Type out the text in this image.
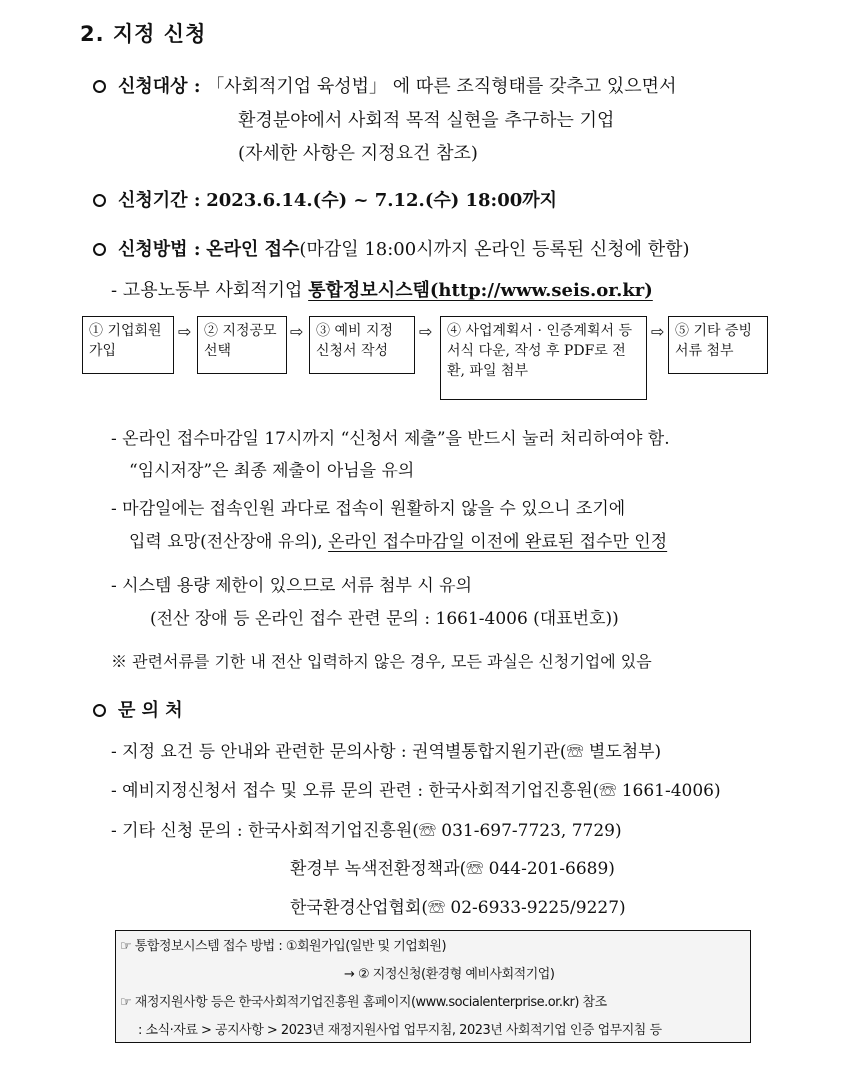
2. 지정 신청
신청대상 : 「사회적기업 육성법」 에 따른 조직형태를 갖추고 있으면서
환경분야에서 사회적 목적 실현을 추구하는 기업
(자세한 사항은 지정요건 참조)
신청기간 : 2023.6.14.(수) ~ 7.12.(수) 18:00까지
신청방법 : 온라인 접수(마감일 18:00시까지 온라인 등록된 신청에 한함)
- 고용노동부 사회적기업 통합정보시스템(http://www.seis.or.kr)
① 기업회원 가입
⇨ ② 지정공모 선택
⇨ ③ 예비 지정 신청서 작성
⇨	④ 사업계획서 · 인증계획서 등 서식 다운, 작성 후 PDF로 전환, 파일 첨부
⇨ ⑤ 기타 증빙 서류 첨부
- 온라인 접수마감일 17시까지 “신청서 제출”을 반드시 눌러 처리하여야 함.
“임시저장”은 최종 제출이 아님을 유의
- 마감일에는 접속인원 과다로 접속이 원활하지 않을 수 있으니 조기에
입력 요망(전산장애 유의), 온라인 접수마감일 이전에 완료된 접수만 인정
- 시스템 용량 제한이 있으므로 서류 첨부 시 유의
(전산 장애 등 온라인 접수 관련 문의 : 1661-4006 (대표번호))
※ 관련서류를 기한 내 전산 입력하지 않은 경우, 모든 과실은 신청기업에 있음
문 의 처
- 지정 요건 등 안내와 관련한 문의사항 : 권역별통합지원기관(☏ 별도첨부)
- 예비지정신청서 접수 및 오류 문의 관련 : 한국사회적기업진흥원(☏ 1661-4006)
- 기타 신청 문의 : 한국사회적기업진흥원(☏ 031-697-7723, 7729)
환경부 녹색전환정책과(☏ 044-201-6689)
한국환경산업협회(☏ 02-6933-9225/9227)
☞ 통합정보시스템 접수 방법 : ①회원가입(일반 및 기업회원)
→ ② 지정신청(환경형 예비사회적기업)
☞ 재정지원사항 등은 한국사회적기업진흥원 홈페이지(www.socialenterprise.or.kr) 참조
: 소식·자료 > 공지사항 > 2023년 재정지원사업 업무지침, 2023년 사회적기업 인증 업무지침 등
